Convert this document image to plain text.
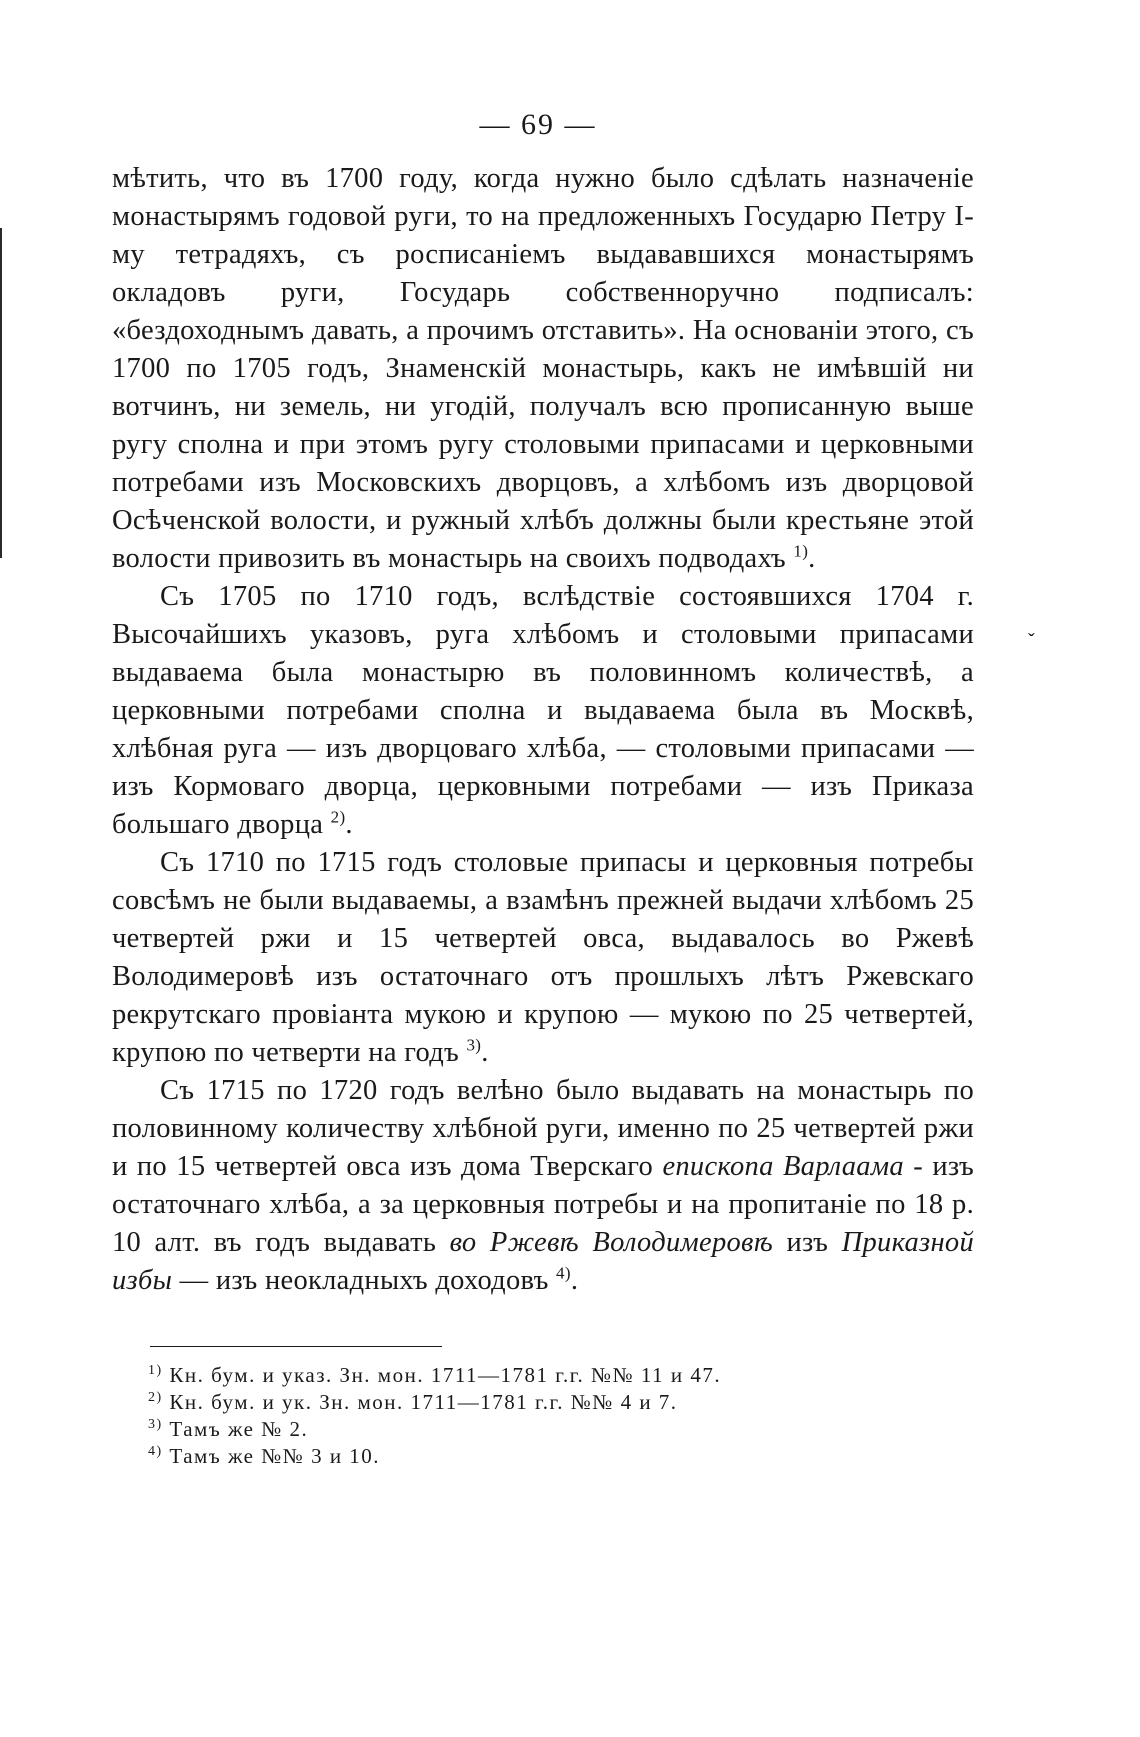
— 69 —
ˇ

мѣтить, что въ 1700 году, когда нужно было сдѣлать назначеніе монастырямъ годовой руги, то на предложенныхъ Государю Петру I-му тетрадяхъ, съ росписаніемъ выдававшихся монастырямъ окладовъ руги, Государь собственноручно подписалъ: «бездоходнымъ давать, а прочимъ отставить». На основаніи этого, съ 1700 по 1705 годъ, Знаменскій монастырь, какъ не имѣвшій ни вотчинъ, ни земель, ни угодій, получалъ всю прописанную выше ругу сполна и при этомъ ругу столовыми припасами и церковными потребами изъ Московскихъ дворцовъ, а хлѣбомъ изъ дворцовой Осѣченской волости, и ружный хлѣбъ должны были крестьяне этой волости привозить въ монастырь на своихъ подводахъ $^{1)}$.

Съ 1705 по 1710 годъ, вслѣдствіе состоявшихся 1704 г. Высочайшихъ указовъ, руга хлѣбомъ и столовыми припасами выдаваема была монастырю въ половинномъ количествѣ, а церковными потребами сполна и выдаваема была въ Москвѣ, хлѣбная руга — изъ дворцоваго хлѣба, — столовыми припасами — изъ Кормоваго дворца, церковными потребами — изъ Приказа большаго дворца $^{2)}$.

Съ 1710 по 1715 годъ столовые припасы и церковныя потребы совсѣмъ не были выдаваемы, а взамѣнъ прежней выдачи хлѣбомъ 25 четвертей ржи и 15 четвертей овса, выдавалось во Ржевѣ Володимеровѣ изъ остаточнаго отъ прошлыхъ лѣтъ Ржевскаго рекрутскаго провіанта мукою и крупою — мукою по 25 четвертей, крупою по четверти на годъ $^{3)}$.

Съ 1715 по 1720 годъ велѣно было выдавать на монастырь по половинному количеству хлѣбной руги, именно по 25 четвертей ржи и по 15 четвертей овса изъ дома Тверскаго епископа Варлаама - изъ остаточнаго хлѣба, а за церковныя потребы и на пропитаніе по 18 р. 10 алт. въ годъ выдавать во Ржевѣ Володимеровѣ изъ Приказной избы — изъ неокладныхъ доходовъ $^{4)}$.

$^{1)}$ Кн. бум. и указ. Зн. мон. 1711—1781 г.г. №№ 11 и 47.
$^{2)}$ Кн. бум. и ук. Зн. мон. 1711—1781 г.г. №№ 4 и 7.
$^{3)}$ Тамъ же № 2.
$^{4)}$ Тамъ же №№ 3 и 10.
